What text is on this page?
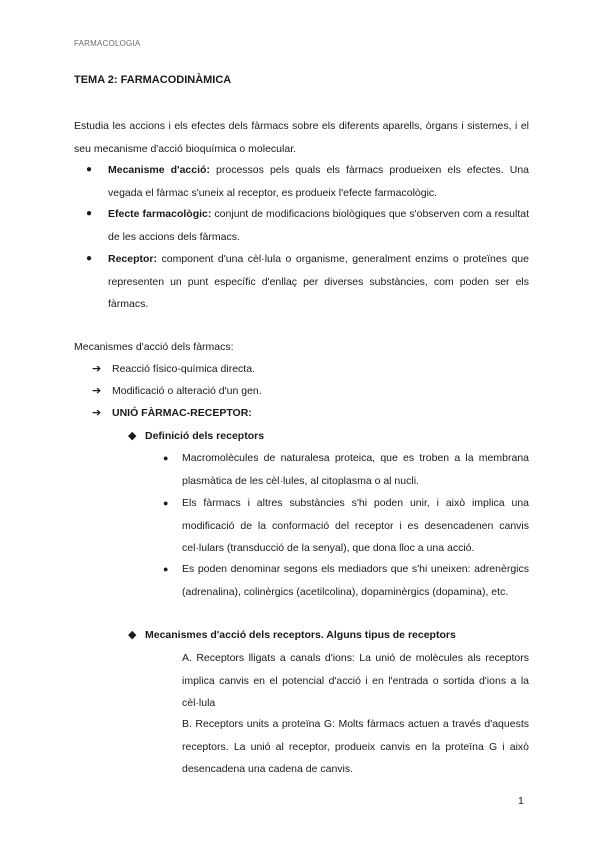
FARMACOLOGIA
TEMA 2: FARMACODINÀMICA
Estudia les accions i els efectes dels fàrmacs sobre els diferents aparells, òrgans i sistemes, i el seu mecanisme d'acció bioquímica o molecular.
● Mecanisme d'acció: processos pels quals els fàrmacs produeixen els efectes. Una vegada el fàrmac s'uneix al receptor, es produeix l'efecte farmacològic.
● Efecte farmacològic: conjunt de modificacions biològiques que s'observen com a resultat de les accions dels fàrmacs.
● Receptor: component d'una cèl·lula o organisme, generalment enzims o proteïnes que representen un punt específic d'enllaç per diverses substàncies, com poden ser els fàrmacs.
Mecanismes d'acció dels fàrmacs:
➔	Reacció físico-química directa.
➔	Modificació o alteració d'un gen.
➔	UNIÓ FÀRMAC-RECEPTOR:
◆ Definició dels receptors
● Macromolècules de naturalesa proteica, que es troben a la membrana plasmàtica de les cèl·lules, al citoplasma o al nucli.
● Els fàrmacs i altres substàncies s'hi poden unir, i això implica una modificació de la conformació del receptor i es desencadenen canvis cel·lulars (transducció de la senyal), que dona lloc a una acció.
● Es poden denominar segons els mediadors que s'hi uneixen: adrenèrgics (adrenalina), colinèrgics (acetilcolina), dopaminèrgics (dopamina), etc.
◆ Mecanismes d'acció dels receptors. Alguns tipus de receptors
A. Receptors lligats a canals d'ions: La unió de molècules als receptors implica canvis en el potencial d'acció i en l'entrada o sortida d'ions a la cèl·lula
B. Receptors units a proteïna G: Molts fàrmacs actuen a través d'aquests receptors. La unió al receptor, produeix canvis en la proteïna G i això desencadena una cadena de canvis.
1
